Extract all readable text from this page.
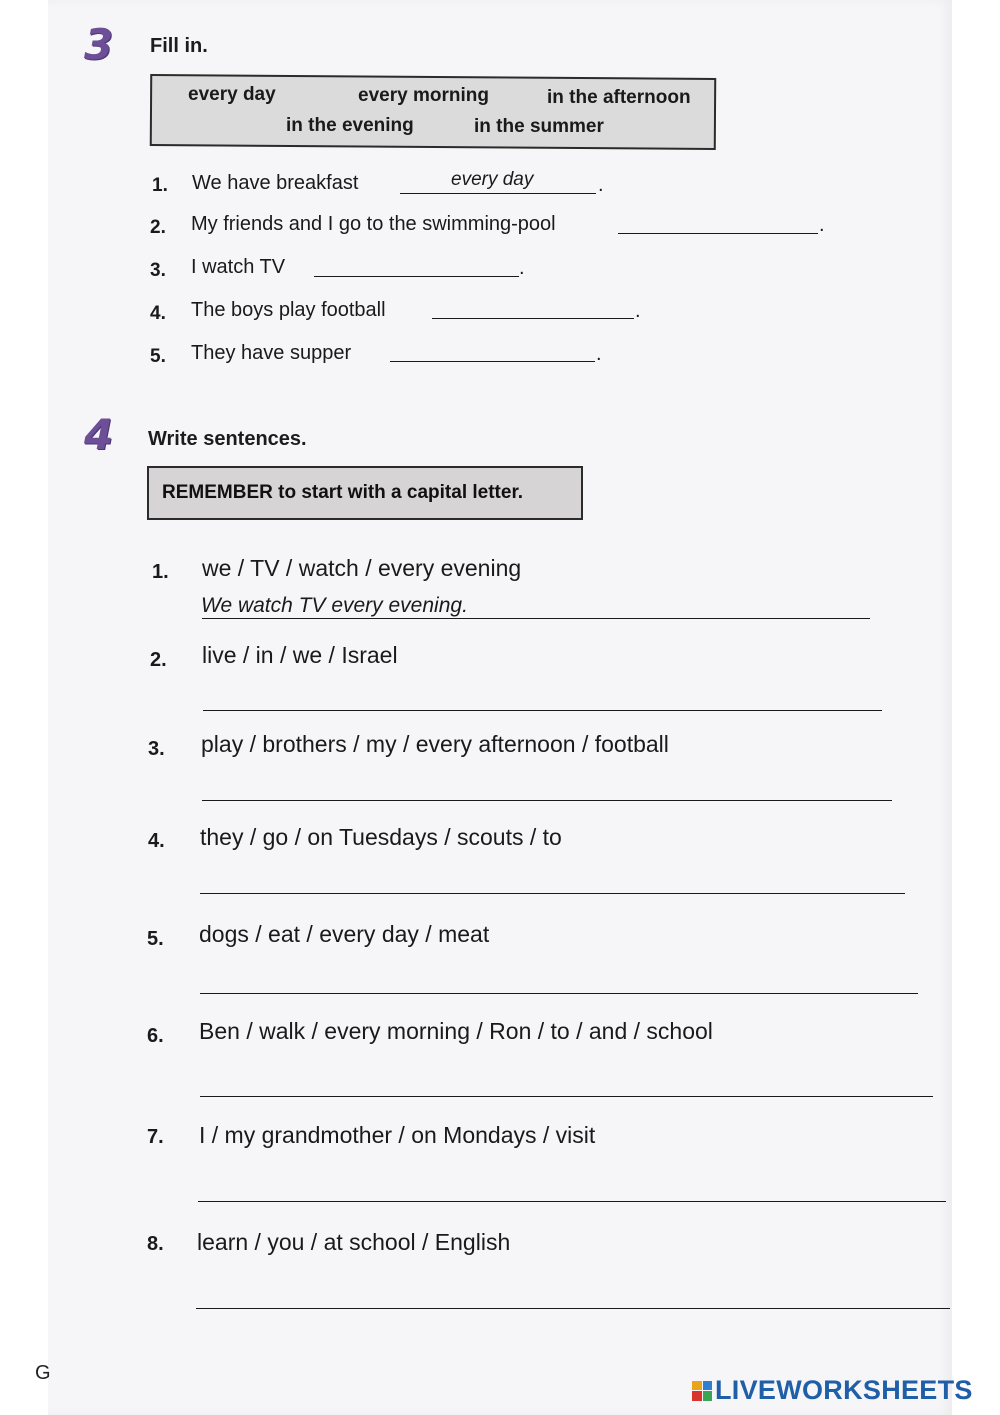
3 Fill in.
every day	every morning	in the afternoon
in the evening	in the summer
1. We have breakfast	every day	.
2. My friends and I go to the swimming-pool	.
3. I watch TV	.
4. The boys play football	.
5. They have supper	.
4 Write sentences.
REMEMBER to start with a capital letter.
1. we / TV / watch / every evening
We watch TV every evening.
2. live / in / we / Israel
3. play / brothers / my / every afternoon / football
4. they / go / on Tuesdays / scouts / to
5. dogs / eat / every day / meat
6. Ben / walk / every morning / Ron / to / and / school
7. I / my grandmother / on Mondays / visit
8. learn / you / at school / English
G
LIVEWORKSHEETS
